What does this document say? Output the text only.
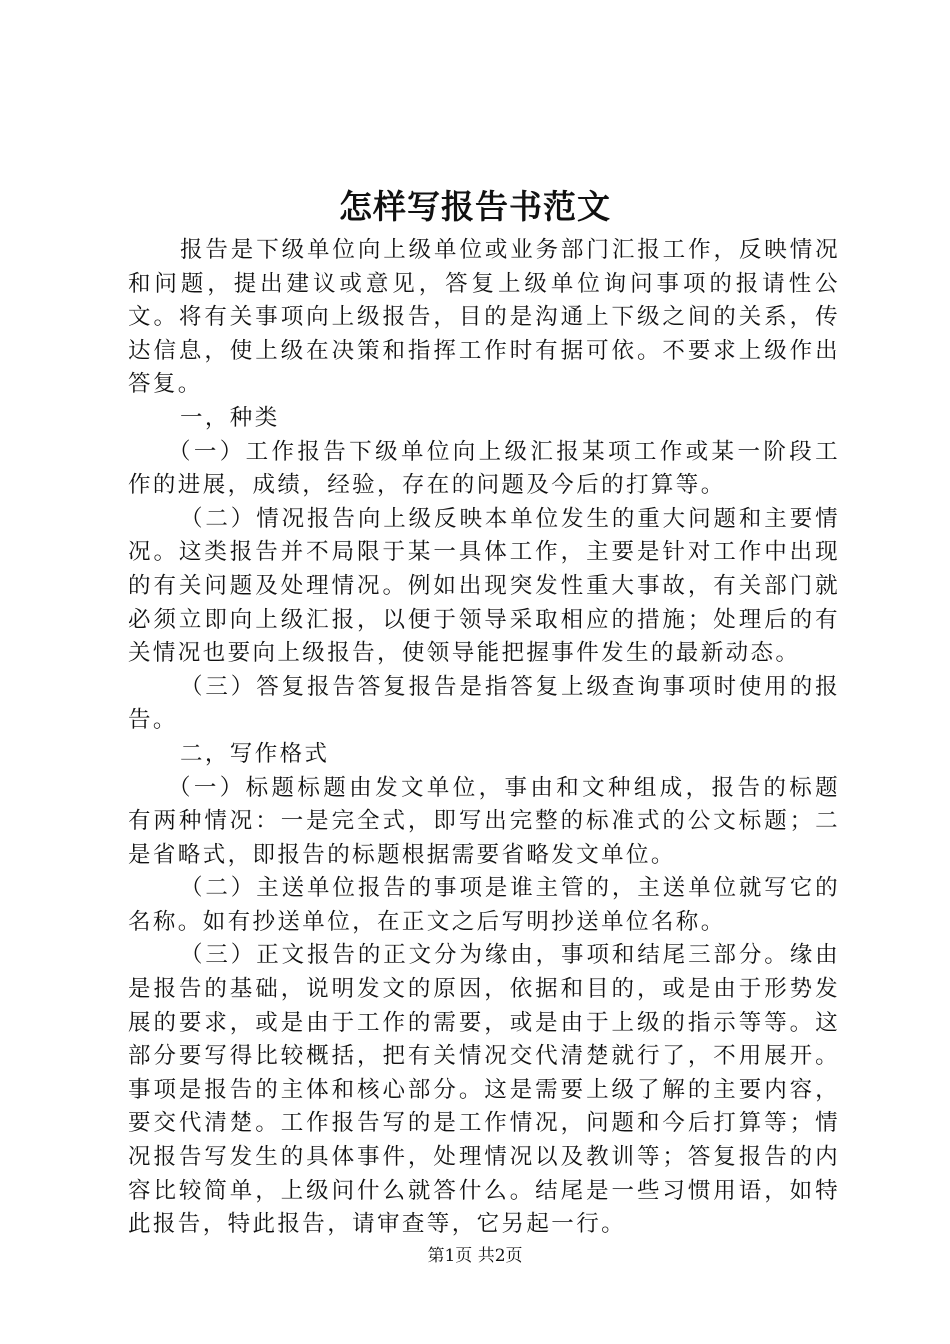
怎样写报告书范文

报告是下级单位向上级单位或业务部门汇报工作，反映情况和问题，提出建议或意见，答复上级单位询问事项的报请性公文。将有关事项向上级报告，目的是沟通上下级之间的关系，传达信息，使上级在决策和指挥工作时有据可依。不要求上级作出答复。

一，种类

（一）工作报告下级单位向上级汇报某项工作或某一阶段工作的进展，成绩，经验，存在的问题及今后的打算等。

（二）情况报告向上级反映本单位发生的重大问题和主要情况。这类报告并不局限于某一具体工作，主要是针对工作中出现的有关问题及处理情况。例如出现突发性重大事故，有关部门就必须立即向上级汇报，以便于领导采取相应的措施；处理后的有关情况也要向上级报告，使领导能把握事件发生的最新动态。

（三）答复报告答复报告是指答复上级查询事项时使用的报告。

二，写作格式

（一）标题标题由发文单位，事由和文种组成，报告的标题有两种情况：一是完全式，即写出完整的标准式的公文标题；二是省略式，即报告的标题根据需要省略发文单位。

（二）主送单位报告的事项是谁主管的，主送单位就写它的名称。如有抄送单位，在正文之后写明抄送单位名称。

（三）正文报告的正文分为缘由，事项和结尾三部分。缘由是报告的基础，说明发文的原因，依据和目的，或是由于形势发展的要求，或是由于工作的需要，或是由于上级的指示等等。这部分要写得比较概括，把有关情况交代清楚就行了，不用展开。事项是报告的主体和核心部分。这是需要上级了解的主要内容，要交代清楚。工作报告写的是工作情况，问题和今后打算等；情况报告写发生的具体事件，处理情况以及教训等；答复报告的内容比较简单，上级问什么就答什么。结尾是一些习惯用语，如特此报告，特此报告，请审查等，它另起一行。

第1页 共2页
